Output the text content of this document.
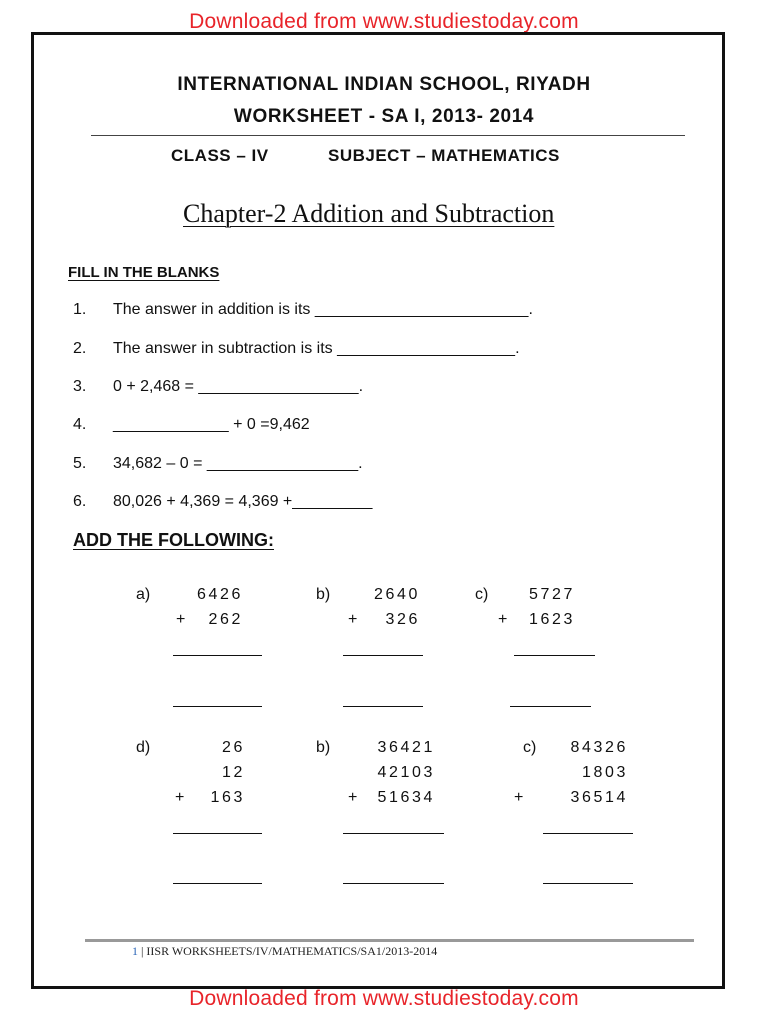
Downloaded from www.studiestoday.com
INTERNATIONAL INDIAN SCHOOL, RIYADH
WORKSHEET - SA I, 2013- 2014
CLASS – IV	SUBJECT – MATHEMATICS
Chapter-2 Addition and Subtraction
FILL IN THE BLANKS
1. The answer in addition is its ________________________.
2. The answer in subtraction is its ____________________.
3. 0 + 2,468 = __________________.
4. _____________ + 0 =9,462
5. 34,682 – 0 = _________________.
6. 80,026 + 4,369 = 4,369 +_________
ADD THE FOLLOWING:
a)	6426
+ 262
b)	2640
+ 326
c)	5727
+ 1623
d)	26
12
+ 163
b)	36421
42103
+ 51634
c) 84326
1803
+	36514
1 | IISR WORKSHEETS/IV/MATHEMATICS/SA1/2013-2014
Downloaded from www.studiestoday.com
